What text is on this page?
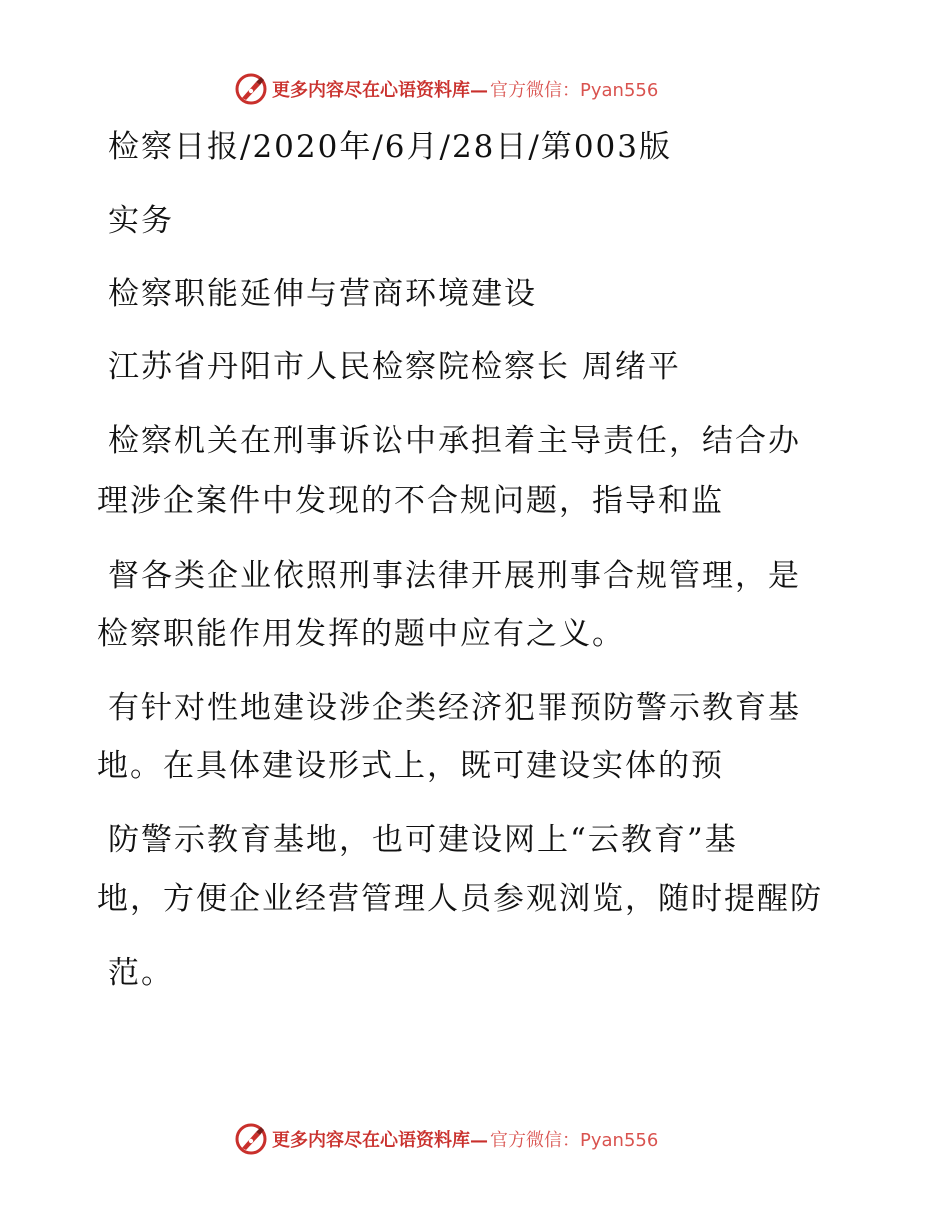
更多内容尽在心语资料库— 官方微信：Pyan556
检察日报/2020年/6月/28日/第003版
实务
检察职能延伸与营商环境建设
江苏省丹阳市人民检察院检察长 周绪平
检察机关在刑事诉讼中承担着主导责任，结合办
理涉企案件中发现的不合规问题，指导和监
督各类企业依照刑事法律开展刑事合规管理，是
检察职能作用发挥的题中应有之义。
有针对性地建设涉企类经济犯罪预防警示教育基
地。在具体建设形式上，既可建设实体的预
防警示教育基地，也可建设网上“云教育”基
地，方便企业经营管理人员参观浏览，随时提醒防
范。
更多内容尽在心语资料库— 官方微信：Pyan556
